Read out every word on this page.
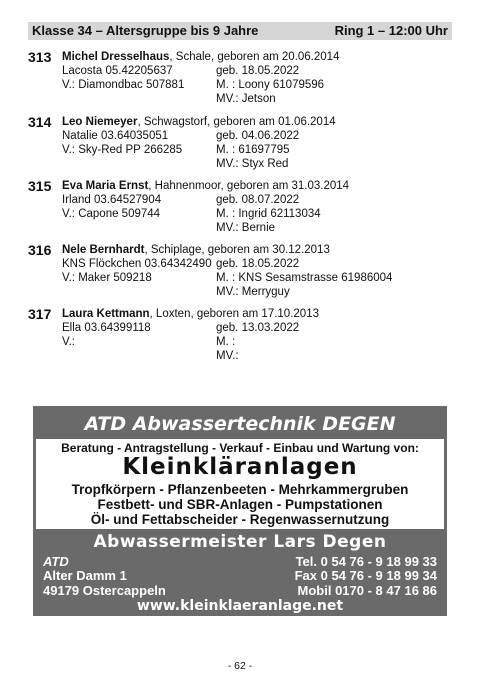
Klasse 34 – Altersgruppe bis 9 Jahre	Ring 1 – 12:00 Uhr
313 Michel Dresselhaus, Schale, geboren am 20.06.2014
Lacosta 05.42205637	geb. 18.05.2022
V.: Diamondbac 507881	M. : Loony 61079596
MV.: Jetson
314 Leo Niemeyer, Schwagstorf, geboren am 01.06.2014
Natalie 03.64035051	geb. 04.06.2022
V.: Sky-Red PP 266285	M. : 61697795
MV.: Styx Red
315 Eva Maria Ernst, Hahnenmoor, geboren am 31.03.2014
Irland 03.64527904	geb. 08.07.2022
V.: Capone 509744	M. : Ingrid 62113034
MV.: Bernie
316 Nele Bernhardt, Schiplage, geboren am 30.12.2013
KNS Flöckchen 03.64342490 geb. 18.05.2022
V.: Maker 509218	M. : KNS Sesamstrasse 61986004
MV.: Merryguy
317 Laura Kettmann, Loxten, geboren am 17.10.2013
Ella 03.64399118	geb. 13.03.2022
V.:	M. :
MV.:
ATD Abwassertechnik DEGEN
Beratung - Antragstellung - Verkauf - Einbau und Wartung von:
Kleinkläranlagen
Tropfkörpern - Pflanzenbeeten - Mehrkammergruben
Festbett- und SBR-Anlagen - Pumpstationen
Öl- und Fettabscheider - Regenwassernutzung
Abwassermeister Lars Degen
ATD
Alter Damm 1
49179 Ostercappeln
Tel. 0 54 76 - 9 18 99 33
Fax 0 54 76 - 9 18 99 34
Mobil 0170 - 8 47 16 86
www.kleinklaeranlage.net
- 62 -
